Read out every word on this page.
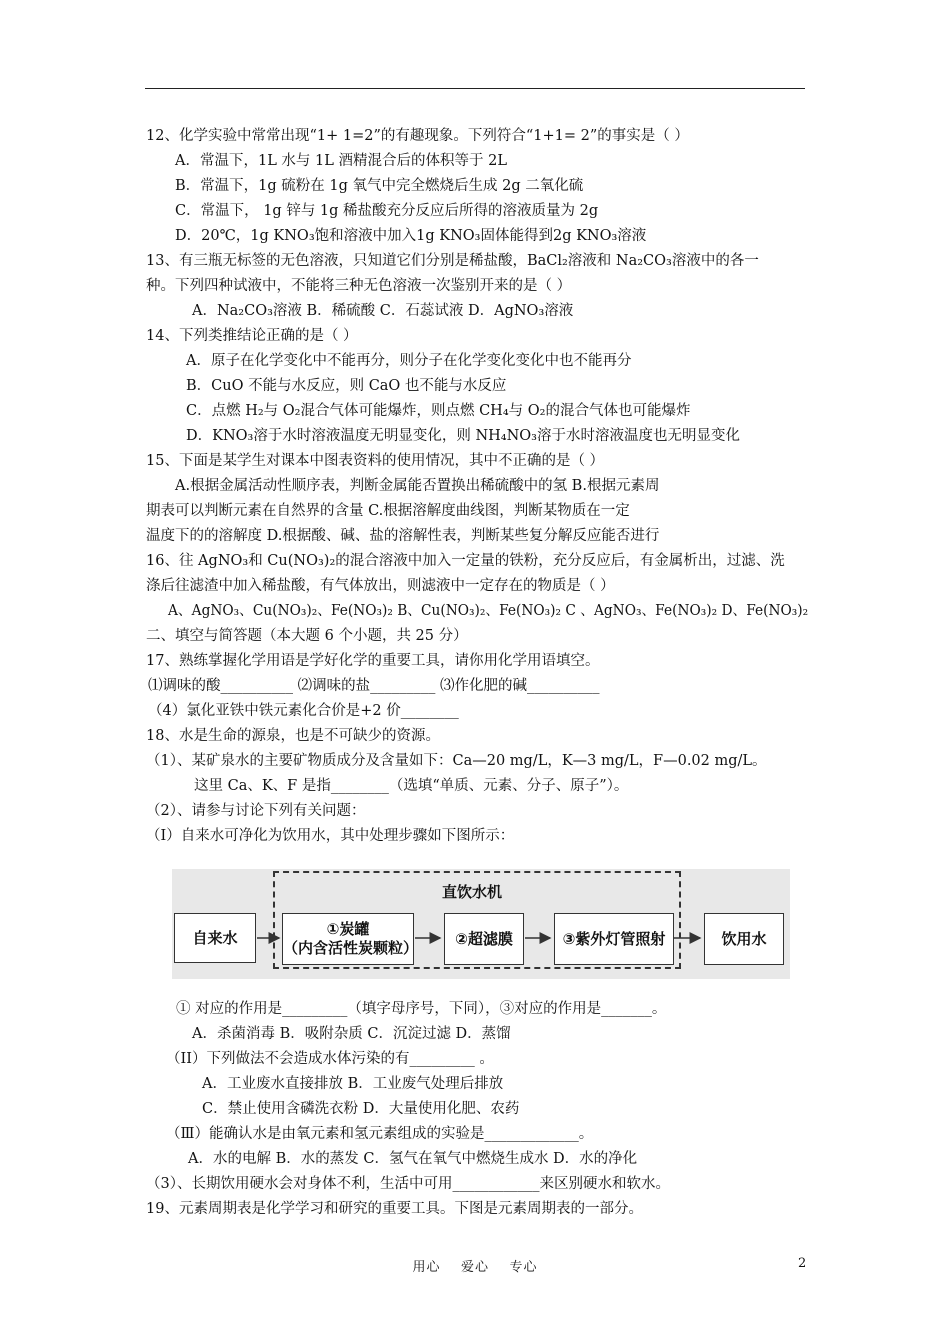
12、化学实验中常常出现“1+ 1=2”的有趣现象。下列符合“1+1= 2”的事实是（ ）
A．常温下，1L 水与 1L 酒精混合后的体积等于 2L
B．常温下，1g 硫粉在 1g 氧气中完全燃烧后生成 2g 二氧化硫
C．常温下， 1g 锌与 1g 稀盐酸充分反应后所得的溶液质量为 2g
D．20℃，1g KNO₃饱和溶液中加入1g KNO₃固体能得到2g KNO₃溶液
13、有三瓶无标签的无色溶液，只知道它们分别是稀盐酸，BaCl₂溶液和 Na₂CO₃溶液中的各一
种。下列四种试液中，不能将三种无色溶液一次鉴别开来的是（ ）
A．Na₂CO₃溶液 B．稀硫酸 C．石蕊试液 D．AgNO₃溶液
14、下列类推结论正确的是（ ）
A．原子在化学变化中不能再分，则分子在化学变化变化中也不能再分
B．CuO 不能与水反应，则 CaO 也不能与水反应
C．点燃 H₂与 O₂混合气体可能爆炸，则点燃 CH₄与 O₂的混合气体也可能爆炸
D．KNO₃溶于水时溶液温度无明显变化，则 NH₄NO₃溶于水时溶液温度也无明显变化
15、下面是某学生对课本中图表资料的使用情况，其中不正确的是（ ）
A.根据金属活动性顺序表，判断金属能否置换出稀硫酸中的氢 B.根据元素周
期表可以判断元素在自然界的含量 C.根据溶解度曲线图，判断某物质在一定
温度下的的溶解度 D.根据酸、碱、盐的溶解性表，判断某些复分解反应能否进行
16、往 AgNO₃和 Cu(NO₃)₂的混合溶液中加入一定量的铁粉，充分反应后，有金属析出，过滤、洗
涤后往滤渣中加入稀盐酸，有气体放出，则滤液中一定存在的物质是（ ）
A、AgNO₃、Cu(NO₃)₂、Fe(NO₃)₂ B、Cu(NO₃)₂、Fe(NO₃)₂ C 、AgNO₃、Fe(NO₃)₂ D、Fe(NO₃)₂
二、填空与简答题（本大题 6 个小题，共 25 分）
17、熟练掌握化学用语是学好化学的重要工具，请你用化学用语填空。
⑴调味的酸__________ ⑵调味的盐_________ ⑶作化肥的碱__________
（4）氯化亚铁中铁元素化合价是+2 价________
18、水是生命的源泉，也是不可缺少的资源。
（1）、某矿泉水的主要矿物质成分及含量如下：Ca—20 mg/L，K—3 mg/L，F—0.02 mg/L。
这里 Ca、K、F 是指________（选填“单质、元素、分子、原子”）。
（2）、请参与讨论下列有关问题：
（Ⅰ）自来水可净化为饮用水，其中处理步骤如下图所示：
① 对应的作用是_________（填字母序号，下同），③对应的作用是_______。
A．杀菌消毒 B．吸附杂质 C．沉淀过滤 D．蒸馏
（II）下列做法不会造成水体污染的有_________ 。
A．工业废水直接排放 B．工业废气处理后排放
C．禁止使用含磷洗衣粉 D．大量使用化肥、农药
（Ⅲ）能确认水是由氧元素和氢元素组成的实验是_____________。
A．水的电解 B．水的蒸发 C．氢气在氧气中燃烧生成水 D．水的净化
（3）、长期饮用硬水会对身体不利，生活中可用____________来区别硬水和软水。
19、元素周期表是化学学习和研究的重要工具。下图是元素周期表的一部分。
直饮水机
自来水	①炭罐
（内含活性炭颗粒）
②超滤膜	③紫外灯管照射	饮用水
用心    爱心    专心	2
